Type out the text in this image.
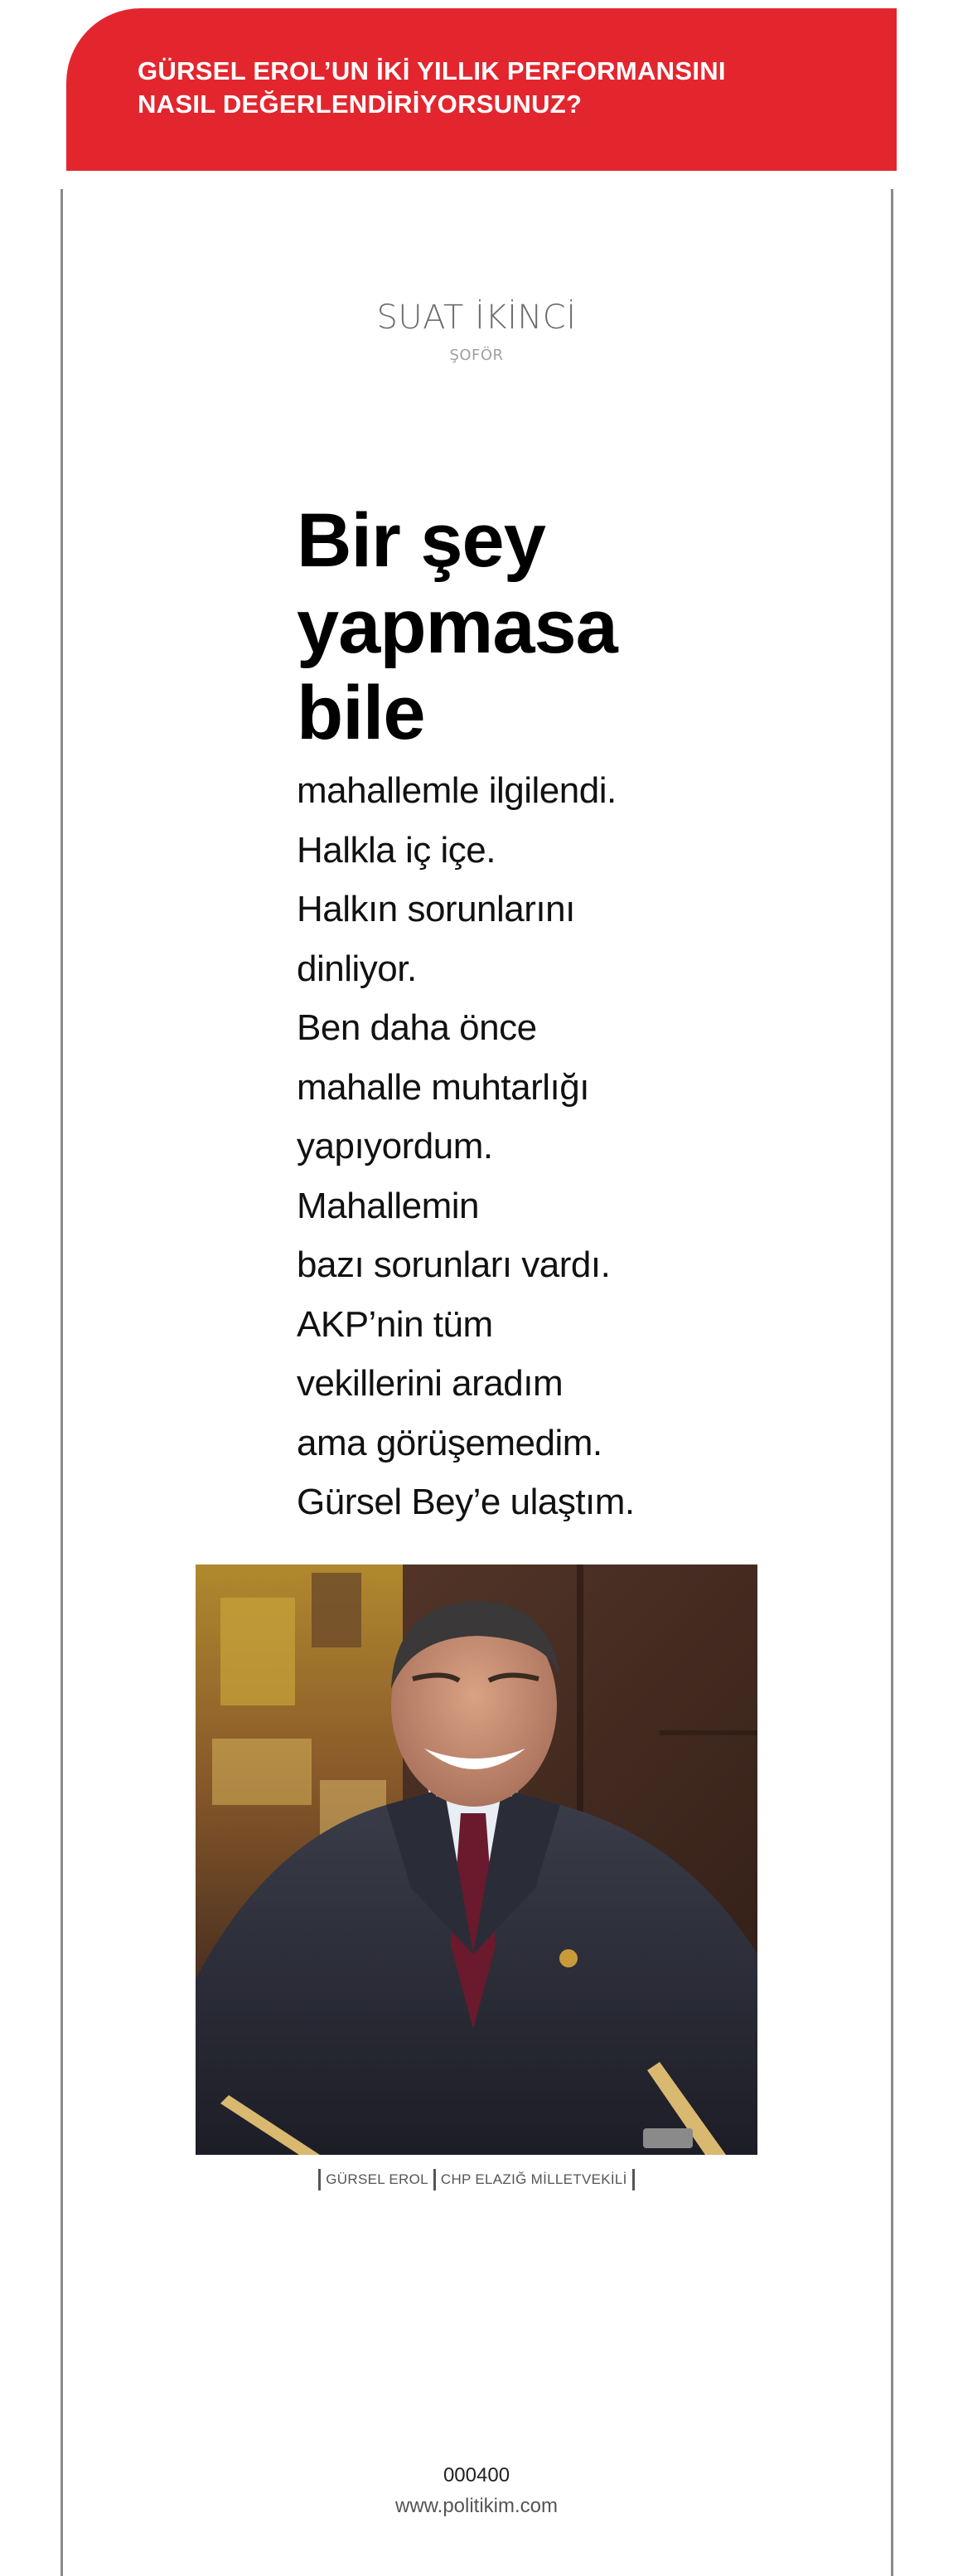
GÜRSEL EROL’UN İKİ YILLIK PERFORMANSINI
NASIL DEĞERLENDİRİYORSUNUZ?
SUAT İKİNCİ
ŞOFÖR
Bir şey
yapmasa
bile
mahallemle ilgilendi.
Halkla iç içe.
Halkın sorunlarını
dinliyor.
Ben daha önce
mahalle muhtarlığı
yapıyordum.
Mahallemin
bazı sorunları vardı.
AKP’nin tüm
vekillerini aradım
ama görüşemedim.
Gürsel Bey’e ulaştım.
GÜRSEL EROL CHP ELAZIĞ MİLLETVEKİLİ
000400
www.politikim.com
